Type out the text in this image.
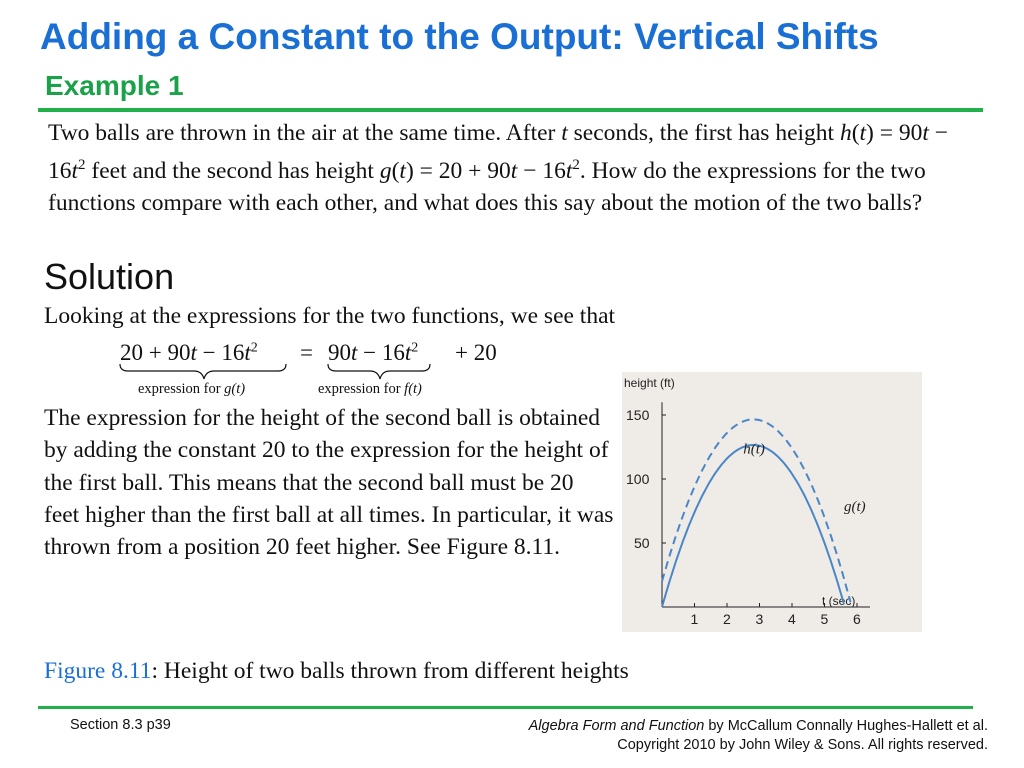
Adding a Constant to the Output: Vertical Shifts
Example 1
Two balls are thrown in the air at the same time. After t seconds, the first has height $h(t) = 90t - 16t^2$ feet and the second has height $g(t) = 20 + 90t - 16t^2$. How do the expressions for the two functions compare with each other, and what does this say about the motion of the two balls?
Solution
Looking at the expressions for the two functions, we see that
$20 + 90t - 16t^2 = 90t - 16t^2 + 20$
expression for g(t)	expression for f(t)
The expression for the height of the second ball is obtained by adding the constant 20 to the expression for the height of the first ball. This means that the second ball must be 20 feet higher than the first ball at all times. In particular, it was thrown from a position 20 feet higher. See Figure 8.11.
height (ft)
t (sec)
1 2 3 4 5 6
50
100
150
h(t)
g(t)
Figure 8.11: Height of two balls thrown from different heights
Section 8.3 p39	Algebra Form and Function by McCallum Connally Hughes-Hallett et al.
Copyright 2010 by John Wiley & Sons. All rights reserved.
